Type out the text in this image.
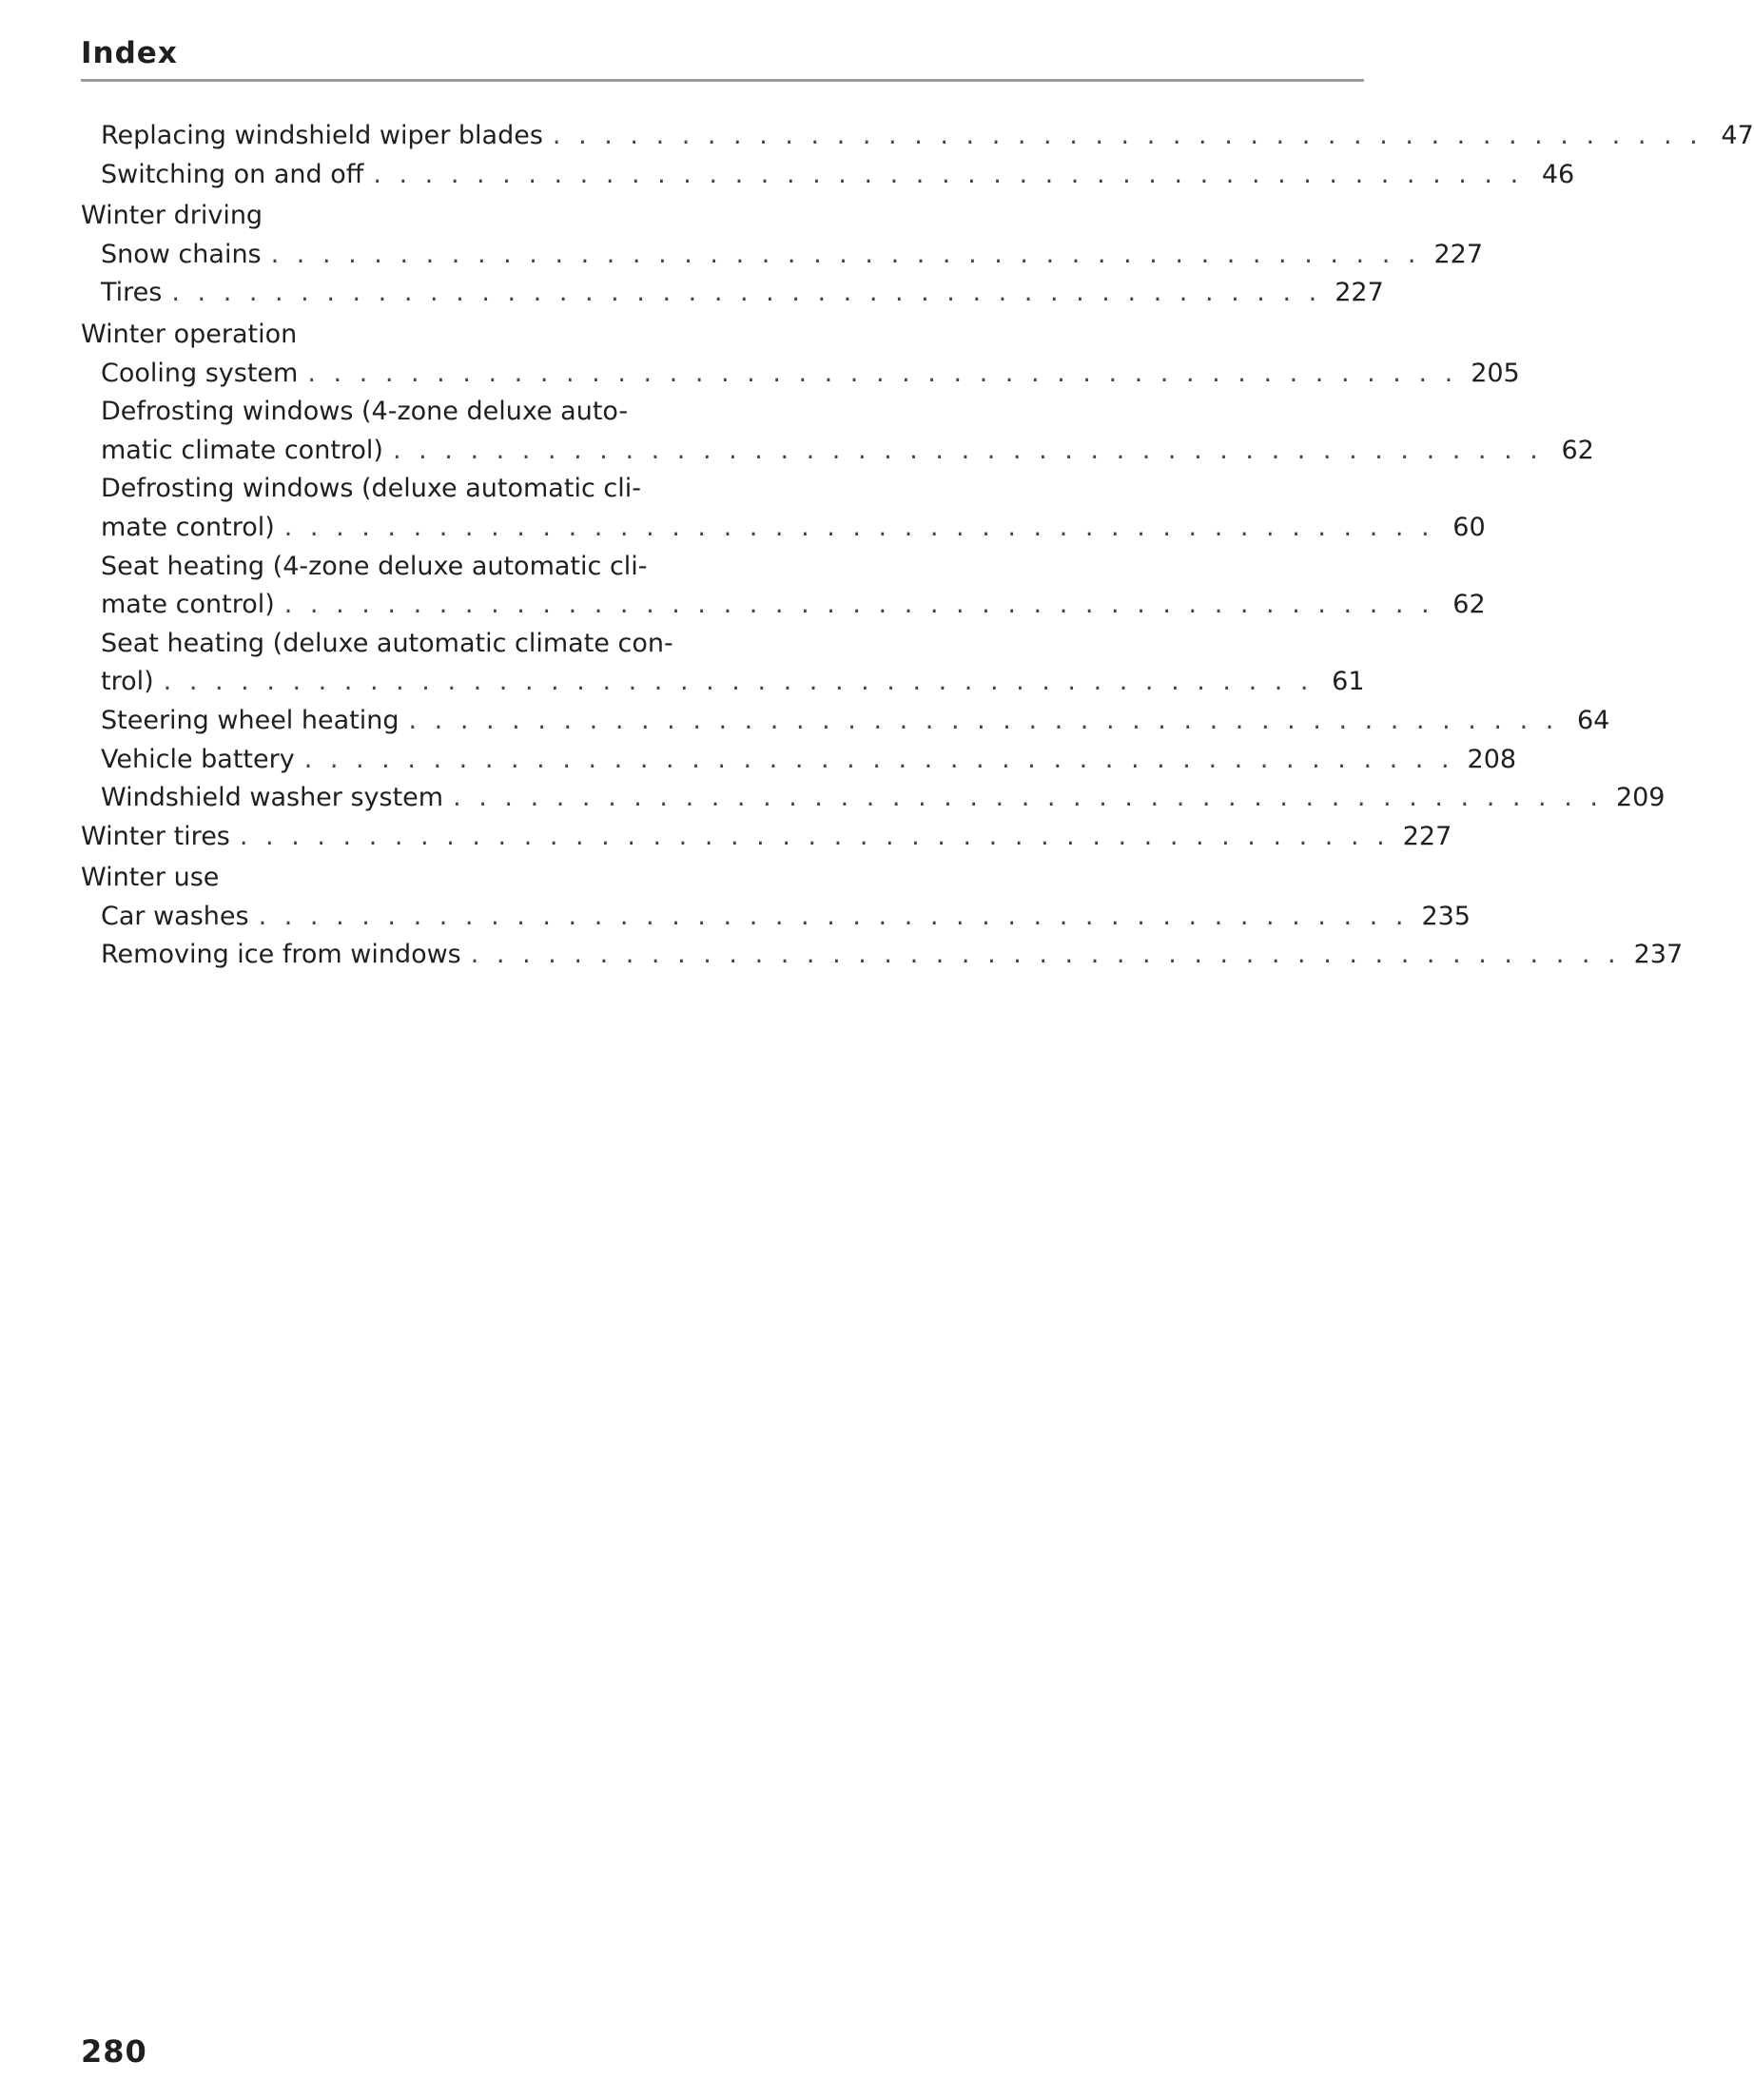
Index
Replacing windshield wiper blades . . . . . . . . . . . . . . . . . . . . . . . . . . . . . . . . . . . . . . . . . . . . . 47
Switching on and off . . . . . . . . . . . . . . . . . . . . . . . . . . . . . . . . . . . . . . . . . . . . . 46
Winter driving
Snow chains . . . . . . . . . . . . . . . . . . . . . . . . . . . . . . . . . . . . . . . . . . . . . 227
Tires . . . . . . . . . . . . . . . . . . . . . . . . . . . . . . . . . . . . . . . . . . . . . 227
Winter operation
Cooling system . . . . . . . . . . . . . . . . . . . . . . . . . . . . . . . . . . . . . . . . . . . . . 205
Defrosting windows (4-zone deluxe auto-
matic climate control) . . . . . . . . . . . . . . . . . . . . . . . . . . . . . . . . . . . . . . . . . . . . . 62
Defrosting windows (deluxe automatic cli-
mate control) . . . . . . . . . . . . . . . . . . . . . . . . . . . . . . . . . . . . . . . . . . . . . 60
Seat heating (4-zone deluxe automatic cli-
mate control) . . . . . . . . . . . . . . . . . . . . . . . . . . . . . . . . . . . . . . . . . . . . . 62
Seat heating (deluxe automatic climate con-
trol) . . . . . . . . . . . . . . . . . . . . . . . . . . . . . . . . . . . . . . . . . . . . . 61
Steering wheel heating . . . . . . . . . . . . . . . . . . . . . . . . . . . . . . . . . . . . . . . . . . . . . 64
Vehicle battery . . . . . . . . . . . . . . . . . . . . . . . . . . . . . . . . . . . . . . . . . . . . . 208
Windshield washer system . . . . . . . . . . . . . . . . . . . . . . . . . . . . . . . . . . . . . . . . . . . . . 209
Winter tires . . . . . . . . . . . . . . . . . . . . . . . . . . . . . . . . . . . . . . . . . . . . . 227
Winter use
Car washes . . . . . . . . . . . . . . . . . . . . . . . . . . . . . . . . . . . . . . . . . . . . . 235
Removing ice from windows . . . . . . . . . . . . . . . . . . . . . . . . . . . . . . . . . . . . . . . . . . . . . 237
280
